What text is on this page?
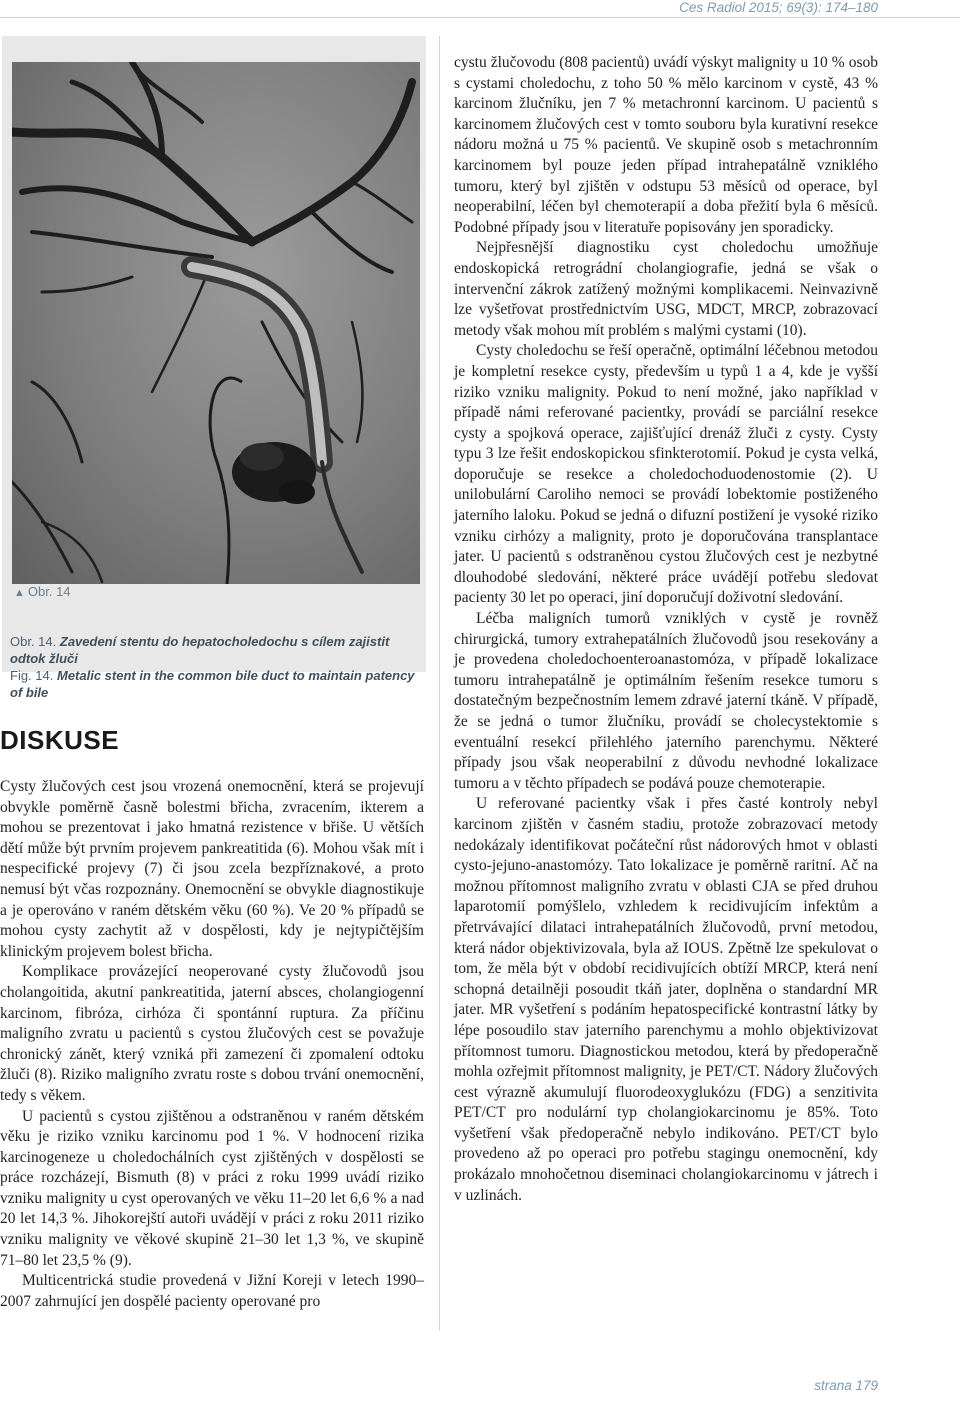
Ces Radiol 2015; 69(3): 174–180
▲ Obr. 14
Obr. 14. Zavedení stentu do hepatocholedochu s cílem zajistit odtok žluči
Fig. 14. Metalic stent in the common bile duct to maintain patency of bile
DISKUSE

Cysty žlučových cest jsou vrozená onemocnění, která se projevují obvykle poměrně časně bolestmi břicha, zvracením, ikterem a mohou se prezentovat i jako hmatná rezistence v břiše. U větších dětí může být prvním projevem pankreatitida (6). Mohou však mít i nespecifické projevy (7) či jsou zcela bezpříznakové, a proto nemusí být včas rozpoznány. Onemocnění se obvykle diagnostikuje a je operováno v raném dětském věku (60 %). Ve 20 % případů se mohou cysty zachytit až v dospělosti, kdy je nejtypičtějším klinickým projevem bolest břicha.

Komplikace provázející neoperované cysty žlučovodů jsou cholangoitida, akutní pankreatitida, jaterní absces, cholangiogenní karcinom, fibróza, cirhóza či spontánní ruptura. Za příčinu maligního zvratu u pacientů s cystou žlučových cest se považuje chronický zánět, který vzniká při zamezení či zpomalení odtoku žluči (8). Riziko maligního zvratu roste s dobou trvání onemocnění, tedy s věkem.

U pacientů s cystou zjištěnou a odstraněnou v raném dětském věku je riziko vzniku karcinomu pod 1 %. V hodnocení rizika karcinogeneze u choledochálních cyst zjištěných v dospělosti se práce rozcházejí, Bismuth (8) v práci z roku 1999 uvádí riziko vzniku malignity u cyst operovaných ve věku 11–20 let 6,6 % a nad 20 let 14,3 %. Jihokorejští autoři uvádějí v práci z roku 2011 riziko vzniku malignity ve věkové skupině 21–30 let 1,3 %, ve skupině 71–80 let 23,5 % (9).

Multicentrická studie provedená v Jižní Koreji v letech 1990–2007 zahrnující jen dospělé pacienty operované pro

cystu žlučovodu (808 pacientů) uvádí výskyt malignity u 10 % osob s cystami choledochu, z toho 50 % mělo karcinom v cystě, 43 % karcinom žlučníku, jen 7 % metachronní karcinom. U pacientů s karcinomem žlučových cest v tomto souboru byla kurativní resekce nádoru možná u 75 % pacientů. Ve skupině osob s metachronním karcinomem byl pouze jeden případ intrahepatálně vzniklého tumoru, který byl zjištěn v odstupu 53 měsíců od operace, byl neoperabilní, léčen byl chemoterapií a doba přežití byla 6 měsíců. Podobné případy jsou v literatuře popisovány jen sporadicky.

Nejpřesnější diagnostiku cyst choledochu umožňuje endoskopická retrográdní cholangiografie, jedná se však o intervenční zákrok zatížený možnými komplikacemi. Neinvazivně lze vyšetřovat prostřednictvím USG, MDCT, MRCP, zobrazovací metody však mohou mít problém s malými cystami (10).

Cysty choledochu se řeší operačně, optimální léčebnou metodou je kompletní resekce cysty, především u typů 1 a 4, kde je vyšší riziko vzniku malignity. Pokud to není možné, jako například v případě námi referované pacientky, provádí se parciální resekce cysty a spojková operace, zajišťující drenáž žluči z cysty. Cysty typu 3 lze řešit endoskopickou sfinkterotomií. Pokud je cysta velká, doporučuje se resekce a choledochoduodenostomie (2). U unilobulární Caroliho nemoci se provádí lobektomie postiženého jaterního laloku. Pokud se jedná o difuzní postižení je vysoké riziko vzniku cirhózy a malignity, proto je doporučována transplantace jater. U pacientů s odstraněnou cystou žlučových cest je nezbytné dlouhodobé sledování, některé práce uvádějí potřebu sledovat pacienty 30 let po operaci, jiní doporučují doživotní sledování.

Léčba maligních tumorů vzniklých v cystě je rovněž chirurgická, tumory extrahepatálních žlučovodů jsou resekovány a je provedena choledochoenteroanastomóza, v případě lokalizace tumoru intrahepatálně je optimálním řešením resekce tumoru s dostatečným bezpečnostním lemem zdravé jaterní tkáně. V případě, že se jedná o tumor žlučníku, provádí se cholecystektomie s eventuální resekcí přilehlého jaterního parenchymu. Některé případy jsou však neoperabilní z důvodu nevhodné lokalizace tumoru a v těchto případech se podává pouze chemoterapie.

U referované pacientky však i přes časté kontroly nebyl karcinom zjištěn v časném stadiu, protože zobrazovací metody nedokázaly identifikovat počáteční růst nádorových hmot v oblasti cysto-jejuno-anastomózy. Tato lokalizace je poměrně raritní. Ač na možnou přítomnost maligního zvratu v oblasti CJA se před druhou laparotomií pomýšlelo, vzhledem k recidivujícím infektům a přetrvávající dilataci intrahepatálních žlučovodů, první metodou, která nádor objektivizovala, byla až IOUS. Zpětně lze spekulovat o tom, že měla být v období recidivujících obtíží MRCP, která není schopná detailněji posoudit tkáň jater, doplněna o standardní MR jater. MR vyšetření s podáním hepatospecifické kontrastní látky by lépe posoudilo stav jaterního parenchymu a mohlo objektivizovat přítomnost tumoru. Diagnostickou metodou, která by předoperačně mohla ozřejmit přítomnost malignity, je PET/CT. Nádory žlučových cest výrazně akumulují fluorodeoxyglukózu (FDG) a senzitivita PET/CT pro nodulární typ cholangiokarcinomu je 85%. Toto vyšetření však předoperačně nebylo indikováno. PET/CT bylo provedeno až po operaci pro potřebu stagingu onemocnění, kdy prokázalo mnohočetnou diseminaci cholangiokarcinomu v játrech i v uzlinách.

strana 179
